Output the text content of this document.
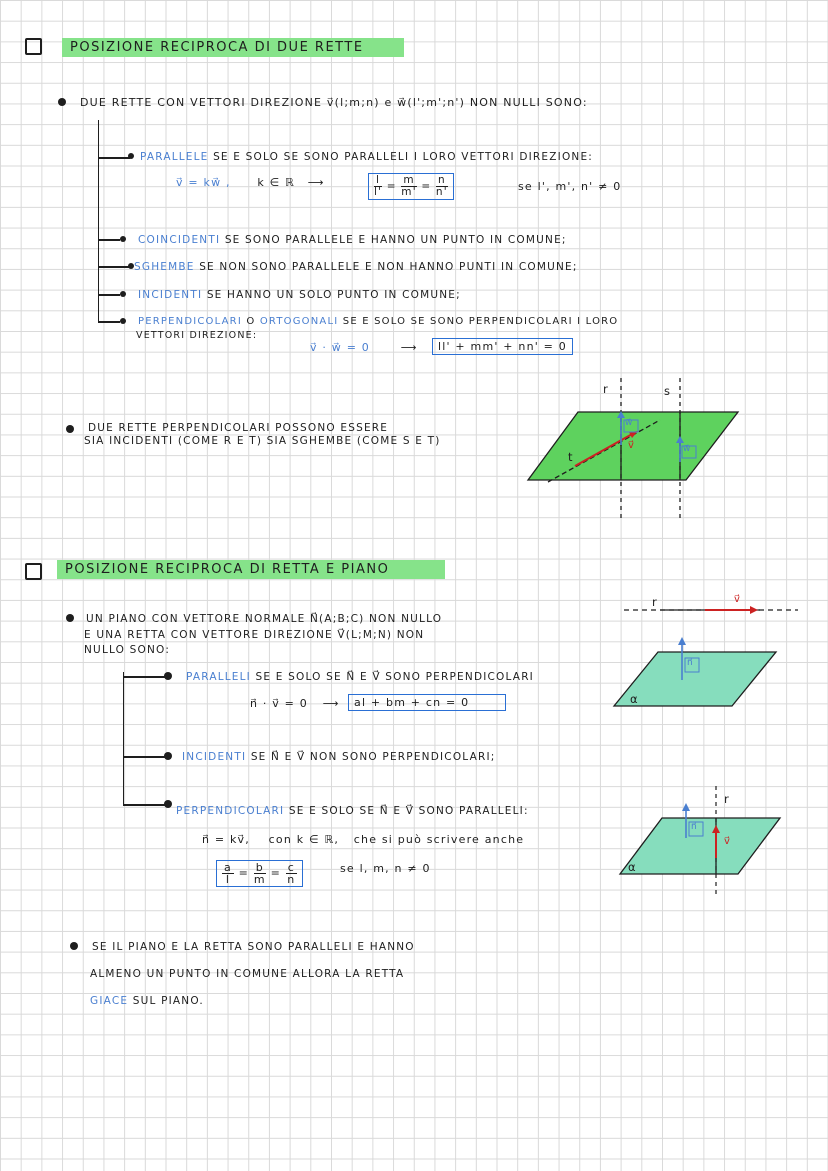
POSIZIONE RECIPROCA DI DUE RETTE
DUE RETTE CON VETTORI DIREZIONE v⃗(l;m;n) e w⃗(l';m';n') NON NULLI SONO:
PARALLELE SE E SOLO SE SONO PARALLELI I LORO VETTORI DIREZIONE:
v⃗ = kw⃗ , k ∈ ℝ ⟶	$\frac{l}{l'} = \frac{m}{m'} = \frac{n}{n'}$	se l', m', n' ≠ 0
COINCIDENTI SE SONO PARALLELE E HANNO UN PUNTO IN COMUNE;
SGHEMBE SE NON SONO PARALLELE E NON HANNO PUNTI IN COMUNE;
INCIDENTI SE HANNO UN SOLO PUNTO IN COMUNE;
PERPENDICOLARI O ORTOGONALI SE E SOLO SE SONO PERPENDICOLARI I LORO
VETTORI DIREZIONE:
v⃗ · w⃗ = 0	⟶	ll' + mm' + nn' = 0
DUE RETTE PERPENDICOLARI POSSONO ESSERE
SIA INCIDENTI (COME R E T) SIA SGHEMBE (COME S E T)
r	s
t
w⃗
w⃗
v⃗
POSIZIONE RECIPROCA DI RETTA E PIANO
UN PIANO CON VETTORE NORMALE N⃗(A;B;C) NON NULLO
E UNA RETTA CON VETTORE DIREZIONE V⃗(L;M;N) NON
NULLO SONO:
PARALLELI SE E SOLO SE N⃗ E V⃗ SONO PERPENDICOLARI
n⃗ · v⃗ = 0 ⟶	al + bm + cn = 0
INCIDENTI SE N⃗ E V⃗ NON SONO PERPENDICOLARI;
PERPENDICOLARI SE E SOLO SE N⃗ E V⃗ SONO PARALLELI:
n⃗ = kv⃗, con k ∈ ℝ, che si può scrivere anche
$\frac{a}{l} = \frac{b}{m} = \frac{c}{n}$	se l, m, n ≠ 0
SE IL PIANO E LA RETTA SONO PARALLELI E HANNO
ALMENO UN PUNTO IN COMUNE ALLORA LA RETTA
GIACE SUL PIANO.
r	v⃗
n⃗
α
r
n⃗
v⃗
α
